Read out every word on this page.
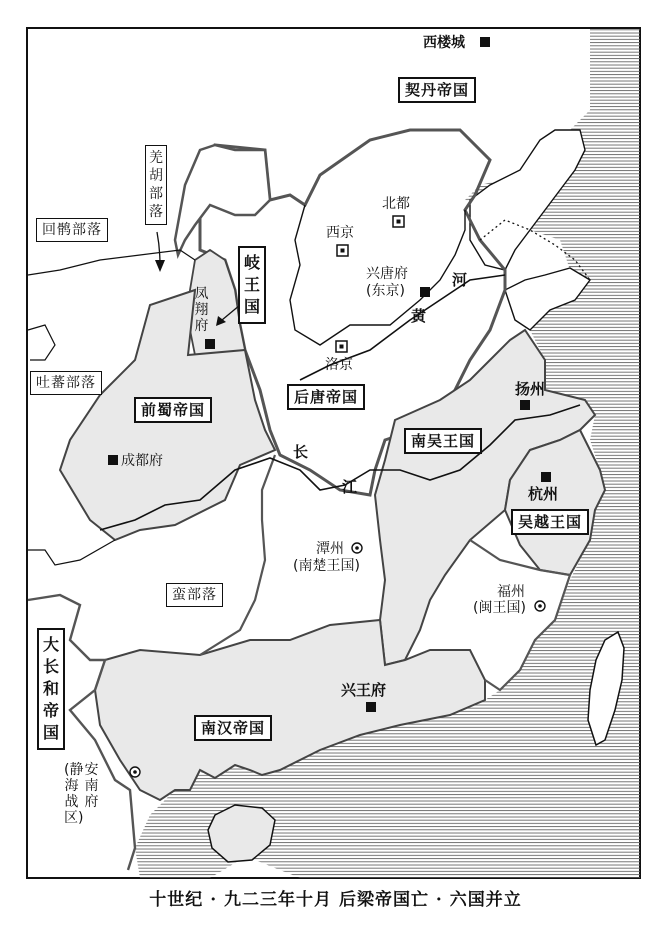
契丹帝国
后唐帝国
前蜀帝国
南吴王国
吴越王国
南汉帝国
岐王国
大长和帝国
回鹘部落
吐蕃部落
蛮部落
羌胡部落
西楼城
北都
西京
兴唐府
(东京)
洛京
凤翔府
成都府
扬州
杭州
潭州
(南楚王国)
福州
(闽王国)
兴王府
安南府
(静海战区)
河
黄
长
江
十世纪 · 九二三年十月 后梁帝国亡 · 六国并立
